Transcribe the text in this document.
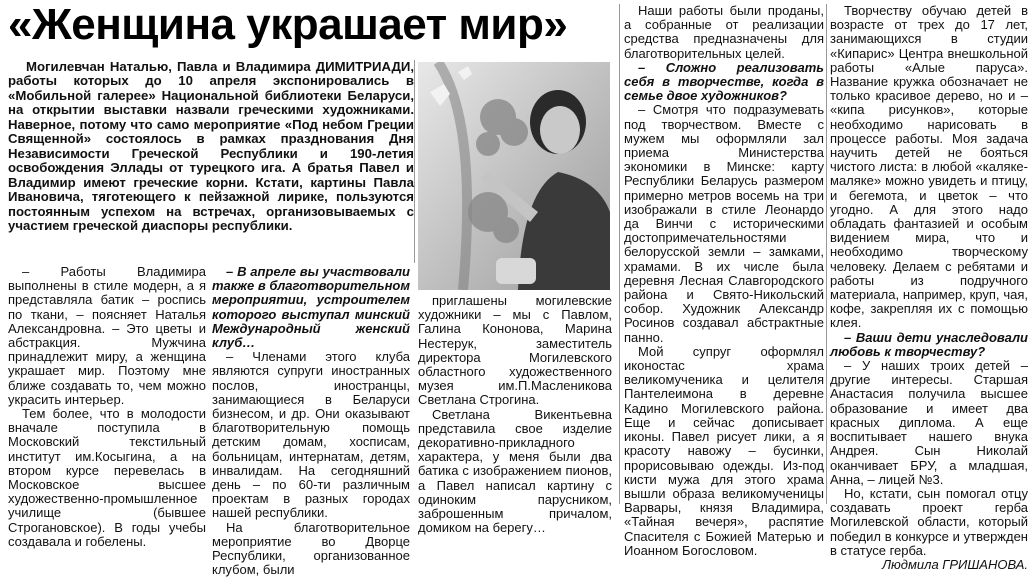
«Женщина украшает мир»
Могилевчан Наталью, Павла и Владимира ДИМИТРИАДИ, работы которых до 10 апреля экспонировались в «Мобильной галерее» Национальной библиотеки Беларуси, на открытии выставки назвали греческими художниками. Наверное, потому что само мероприятие «Под небом Греции Священной» состоялось в рамках празднования Дня Независимости Греческой Республики и 190-летия освобождения Эллады от турецкого ига. А братья Павел и Владимир имеют греческие корни. Кстати, картины Павла Ивановича, тяготеющего к пейзажной лирике, пользуются постоянным успехом на встречах, организовываемых с участием греческой диаспоры республики.

– Работы Владимира выполнены в стиле модерн, а я представляла батик – роспись по ткани, – поясняет Наталья Александровна. – Это цветы и абстракция. Мужчина принадлежит миру, а женщина украшает мир. Поэтому мне ближе создавать то, чем можно украсить интерьер.

Тем более, что в молодости вначале поступила в Московский текстильный институт им.Косыгина, а на втором курсе перевелась в Московское высшее художественно-промышленное училище (бывшее Строгановское). В годы учебы создавала и гобелены.

– В апреле вы участвовали также в благотворительном мероприятии, устроителем которого выступал минский Международный женский клуб…

– Членами этого клуба являются супруги иностранных послов, иностранцы, занимающиеся в Беларуси бизнесом, и др. Они оказывают благотворительную помощь детским домам, хосписам, больницам, интернатам, детям, инвалидам. На сегодняшний день – по 60-ти различным проектам в разных городах нашей республики.

На благотворительное мероприятие во Дворце Республики, организованное клубом, были

приглашены могилевские художники – мы с Павлом, Галина Кононова, Марина Нестерук, заместитель директора Могилевского областного художественного музея им.П.Масленикова Светлана Строгина.

Светлана Викентьевна представила свое изделие декоративно-прикладного характера, у меня были два батика с изображением пионов, а Павел написал картину с одиноким парусником, заброшенным причалом, домиком на берегу…

Наши работы были проданы, а собранные от реализации средства предназначены для благотворительных целей.

– Сложно реализовать себя в творчестве, когда в семье двое художников?

– Смотря что подразумевать под творчеством. Вместе с мужем мы оформляли зал приема Министерства экономики в Минске: карту Республики Беларусь размером примерно метров восемь на три изображали в стиле Леонардо да Винчи с историческими достопримечательностями белорусской земли – замками, храмами. В их числе была деревня Лесная Славгородского района и Свято-Никольский собор. Художник Александр Росинов создавал абстрактные панно.

Мой супруг оформлял иконостас храма великомученика и целителя Пантелеимона в деревне Кадино Могилевского района. Еще и сейчас дописывает иконы. Павел рисует лики, а я красоту навожу – бусинки, прорисовываю одежды. Из-под кисти мужа для этого храма вышли образа великомученицы Варвары, князя Владимира, «Тайная вечеря», распятие Спасителя с Божией Матерью и Иоанном Богословом.

Творчеству обучаю детей в возрасте от трех до 17 лет, занимающихся в студии «Кипарис» Центра внешкольной работы «Алые паруса». Название кружка обозначает не только красивое дерево, но и – «кипа рисунков», которые необходимо нарисовать в процессе работы. Моя задача научить детей не бояться чистого листа: в любой «каляке-маляке» можно увидеть и птицу, и бегемота, и цветок – что угодно. А для этого надо обладать фантазией и особым видением мира, что и необходимо творческому человеку. Делаем с ребятами и работы из подручного материала, например, круп, чая, кофе, закрепляя их с помощью клея.

– Ваши дети унаследовали любовь к творчеству?

– У наших троих детей – другие интересы. Старшая Анастасия получила высшее образование и имеет два красных диплома. А еще воспитывает нашего внука Андрея. Сын Николай оканчивает БРУ, а младшая, Анна, – лицей №3.

Но, кстати, сын помогал отцу создавать проект герба Могилевской области, который победил в конкурсе и утвержден в статусе герба.

Людмила ГРИШАНОВА.
